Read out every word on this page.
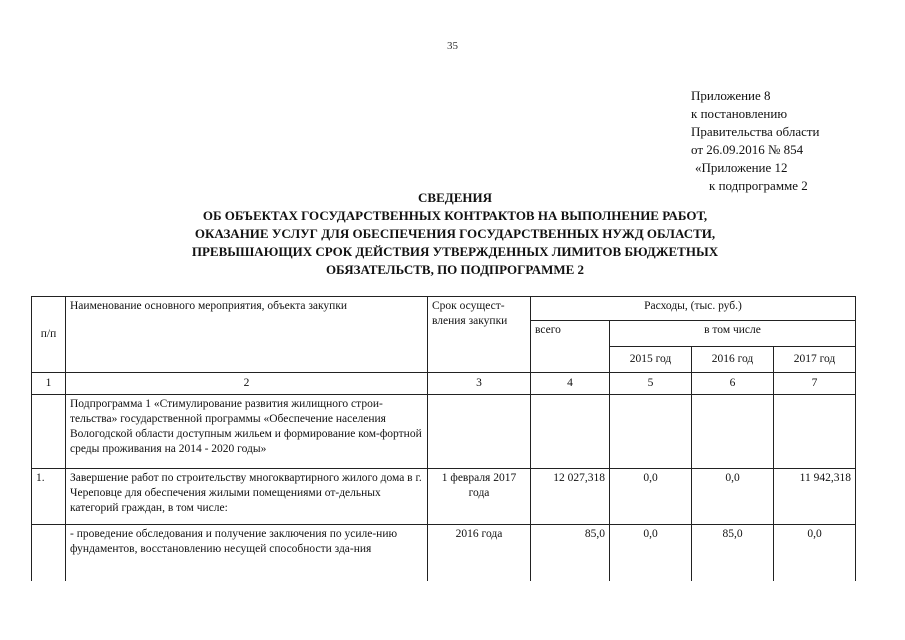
35
Приложение 8
к постановлению
Правительства области
от 26.09.2016 № 854
«Приложение 12
к подпрограмме 2
СВЕДЕНИЯ
ОБ ОБЪЕКТАХ ГОСУДАРСТВЕННЫХ КОНТРАКТОВ НА ВЫПОЛНЕНИЕ РАБОТ,
ОКАЗАНИЕ УСЛУГ ДЛЯ ОБЕСПЕЧЕНИЯ ГОСУДАРСТВЕННЫХ НУЖД ОБЛАСТИ,
ПРЕВЫШАЮЩИХ СРОК ДЕЙСТВИЯ УТВЕРЖДЕННЫХ ЛИМИТОВ БЮДЖЕТНЫХ
ОБЯЗАТЕЛЬСТВ, ПО ПОДПРОГРАММЕ 2
п/п	Наименование основного мероприятия, объекта закупки	Срок осущест-вления закупки	Расходы, (тыс. руб.)			
			всего	в том числе		
				2015 год	2016 год	2017 год
1	2	3	4	5	6	7
	Подпрограмма 1 «Стимулирование развития жилищного строи-тельства» государственной программы «Обеспечение населения Вологодской области доступным жильем и формирование ком-фортной среды проживания на 2014 - 2020 годы»					
1.	Завершение работ по строительству многоквартирного жилого дома в г. Череповце для обеспечения жилыми помещениями от-дельных категорий граждан, в том числе:	1 февраля 2017 года	12 027,318	0,0	0,0	11 942,318
	- проведение обследования и получение заключения по усиле-нию фундаментов, восстановлению несущей способности зда-ния	2016 года	85,0	0,0	85,0	0,0
